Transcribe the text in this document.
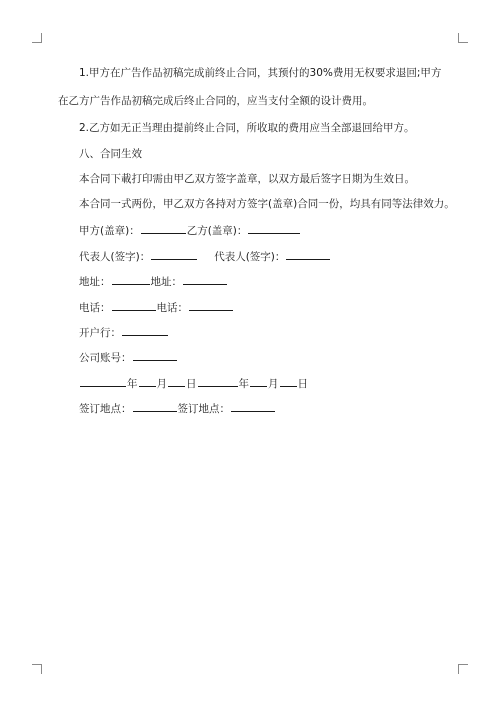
1.甲方在广告作品初稿完成前终止合同，其预付的30%费用无权要求退回;甲方
在乙方广告作品初稿完成后终止合同的，应当支付全额的设计费用。
2.乙方如无正当理由提前终止合同，所收取的费用应当全部退回给甲方。
八、合同生效
本合同下載打印需由甲乙双方签字盖章，以双方最后签字日期为生效日。
本合同一式两份，甲乙双方各持对方签字(盖章)合同一份，均具有同等法律效力。
甲方(盖章)：	乙方(盖章)：
代表人(签字)：	代表人(签字)：
地址：	地址：
电话：	电话：
开户行：
公司账号：
年 月 日	年 月 日
签订地点：	签订地点：
